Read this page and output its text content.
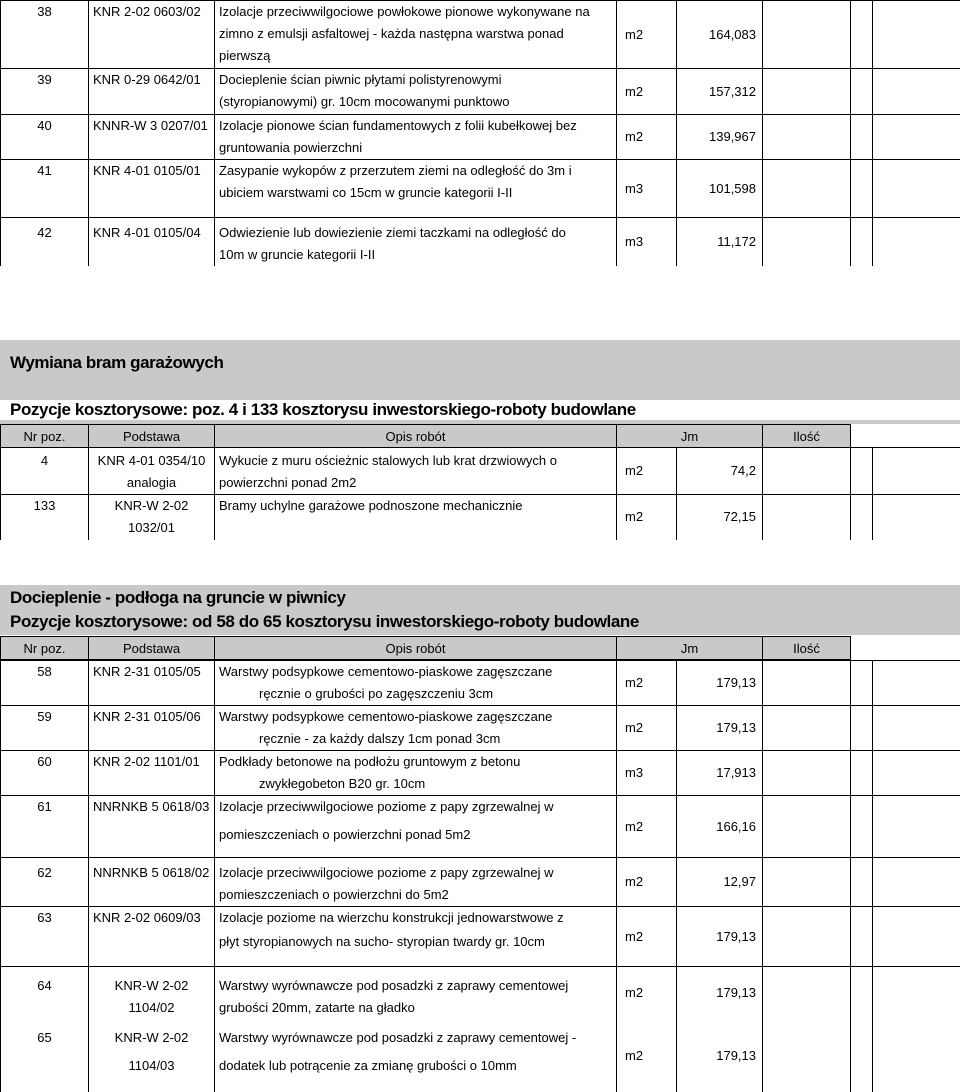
38	KNR 2-02 0603/02	Izolacje przeciwwilgociowe powłokowe pionowe wykonywane na
zimno z emulsji asfaltowej - każda następna warstwa ponad
pierwszą	m2	164,083			
39	KNR 0-29 0642/01	Docieplenie ścian piwnic płytami polistyrenowymi
(styropianowymi) gr. 10cm mocowanymi punktowo	m2	157,312			
40	KNNR-W 3 0207/01	Izolacje pionowe ścian fundamentowych z folii kubełkowej bez
gruntowania powierzchni	m2	139,967			
41	KNR 4-01 0105/01	Zasypanie wykopów z przerzutem ziemi na odległość do 3m i
ubiciem warstwami co 15cm w gruncie kategorii I-II	m3	101,598			
42	KNR 4-01 0105/04	Odwiezienie lub dowiezienie ziemi taczkami na odległość do
10m w gruncie kategorii I-II	m3	11,172			
Wymiana bram garażowych
Pozycje kosztorysowe: poz. 4 i 133 kosztorysu inwestorskiego-roboty budowlane
Nr poz.	Podstawa	Opis robót	Jm	Ilość	
4	KNR 4-01 0354/10
analogia	Wykucie z muru ościeżnic stalowych lub krat drzwiowych o
powierzchni ponad 2m2	m2	74,2			
133	KNR-W 2-02
1032/01	Bramy uchylne garażowe podnoszone mechanicznie	m2	72,15			
Docieplenie - podłoga na gruncie w piwnicy
Pozycje kosztorysowe: od 58 do 65 kosztorysu inwestorskiego-roboty budowlane
Nr poz.	Podstawa	Opis robót	Jm	Ilość	
58	KNR 2-31 0105/05	Warstwy podsypkowe cementowo-piaskowe zagęszczane
ręcznie o grubości po zagęszczeniu 3cm	m2	179,13			
59	KNR 2-31 0105/06	Warstwy podsypkowe cementowo-piaskowe zagęszczane
ręcznie - za każdy dalszy 1cm ponad 3cm	m2	179,13			
60	KNR 2-02 1101/01	Podkłady betonowe na podłożu gruntowym z betonu
zwykłegobeton B20 gr. 10cm	m3	17,913			
61	NNRNKB 5 0618/03	Izolacje przeciwwilgociowe poziome z papy zgrzewalnej w
pomieszczeniach o powierzchni ponad 5m2	m2	166,16			
62	NNRNKB 5 0618/02	Izolacje przeciwwilgociowe poziome z papy zgrzewalnej w
pomieszczeniach o powierzchni do 5m2	m2	12,97			
63	KNR 2-02 0609/03	Izolacje poziome na wierzchu konstrukcji jednowarstwowe z
płyt styropianowych na sucho- styropian twardy gr. 10cm	m2	179,13			
64	KNR-W 2-02
1104/02	Warstwy wyrównawcze pod posadzki z zaprawy cementowej
grubości 20mm, zatarte na gładko	m2	179,13			
65	KNR-W 2-02
1104/03	Warstwy wyrównawcze pod posadzki z zaprawy cementowej -
dodatek lub potrącenie za zmianę grubości o 10mm	m2	179,13			
